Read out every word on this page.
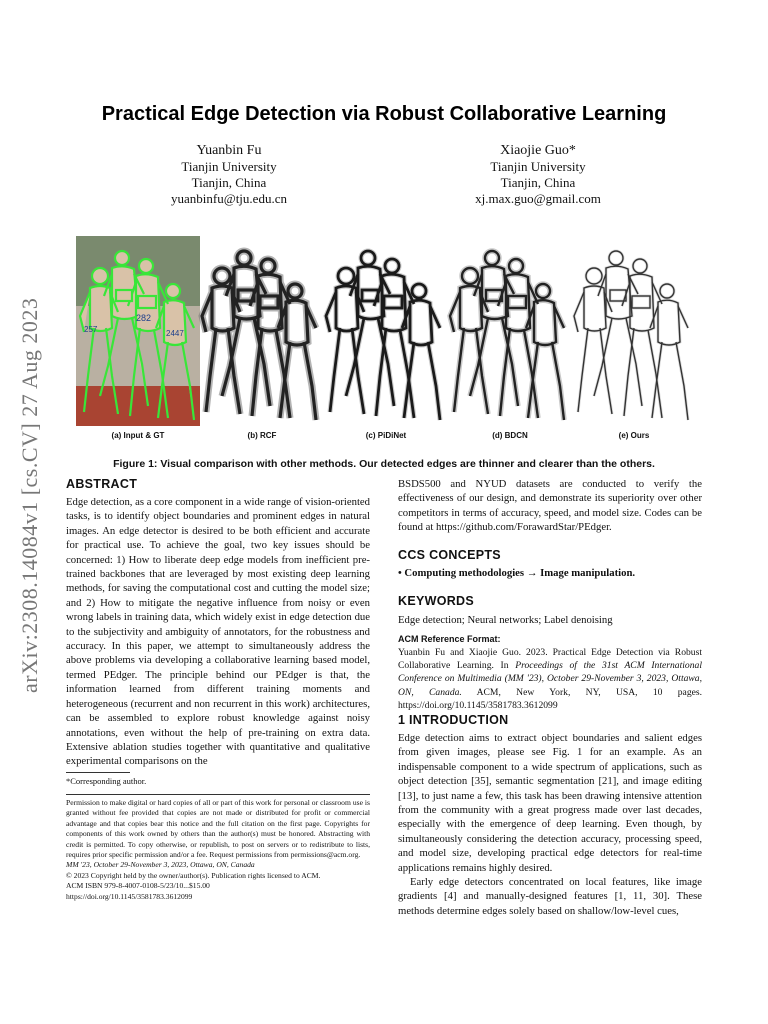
arXiv:2308.14084v1 [cs.CV] 27 Aug 2023
Practical Edge Detection via Robust Collaborative Learning
Yuanbin Fu
Tianjin University
Tianjin, China
yuanbinfu@tju.edu.cn
Xiaojie Guo*
Tianjin University
Tianjin, China
xj.max.guo@gmail.com
282
2447
257
(a) Input & GT	(b) RCF	(c) PiDiNet	(d) BDCN	(e) Ours
Figure 1: Visual comparison with other methods. Our detected edges are thinner and clearer than the others.
ABSTRACT
Edge detection, as a core component in a wide range of vision-oriented tasks, is to identify object boundaries and prominent edges in natural images. An edge detector is desired to be both efficient and accurate for practical use. To achieve the goal, two key issues should be concerned: 1) How to liberate deep edge models from inefficient pre-trained backbones that are leveraged by most existing deep learning methods, for saving the computational cost and cutting the model size; and 2) How to mitigate the negative influence from noisy or even wrong labels in training data, which widely exist in edge detection due to the subjectivity and ambiguity of annotators, for the robustness and accuracy. In this paper, we attempt to simultaneously address the above problems via developing a collaborative learning based model, termed PEdger. The principle behind our PEdger is that, the information learned from different training moments and heterogeneous (recurrent and non recurrent in this work) architectures, can be assembled to explore robust knowledge against noisy annotations, even without the help of pre-training on extra data. Extensive ablation studies together with quantitative and qualitative experimental comparisons on the
*Corresponding author.
Permission to make digital or hard copies of all or part of this work for personal or classroom use is granted without fee provided that copies are not made or distributed for profit or commercial advantage and that copies bear this notice and the full citation on the first page. Copyrights for components of this work owned by others than the author(s) must be honored. Abstracting with credit is permitted. To copy otherwise, or republish, to post on servers or to redistribute to lists, requires prior specific permission and/or a fee. Request permissions from permissions@acm.org.
MM '23, October 29-November 3, 2023, Ottawa, ON, Canada
© 2023 Copyright held by the owner/author(s). Publication rights licensed to ACM.
ACM ISBN 979-8-4007-0108-5/23/10...$15.00
https://doi.org/10.1145/3581783.3612099
BSDS500 and NYUD datasets are conducted to verify the effectiveness of our design, and demonstrate its superiority over other competitors in terms of accuracy, speed, and model size. Codes can be found at https://github.com/ForawardStar/PEdger.
CCS CONCEPTS
• Computing methodologies → Image manipulation.
KEYWORDS
Edge detection; Neural networks; Label denoising
ACM Reference Format:
Yuanbin Fu and Xiaojie Guo. 2023. Practical Edge Detection via Robust Collaborative Learning. In Proceedings of the 31st ACM International Conference on Multimedia (MM '23), October 29-November 3, 2023, Ottawa, ON, Canada. ACM, New York, NY, USA, 10 pages. https://doi.org/10.1145/3581783.3612099
1 INTRODUCTION
Edge detection aims to extract object boundaries and salient edges from given images, please see Fig. 1 for an example. As an indispensable component to a wide spectrum of applications, such as object detection [35], semantic segmentation [21], and image editing [13], to just name a few, this task has been drawing intensive attention from the community with a great progress made over last decades, especially with the emergence of deep learning. Even though, by simultaneously considering the detection accuracy, processing speed, and model size, developing practical edge detectors for real-time applications remains highly desired.
Early edge detectors concentrated on local features, like image gradients [4] and manually-designed features [1, 11, 30]. These methods determine edges solely based on shallow/low-level cues,
